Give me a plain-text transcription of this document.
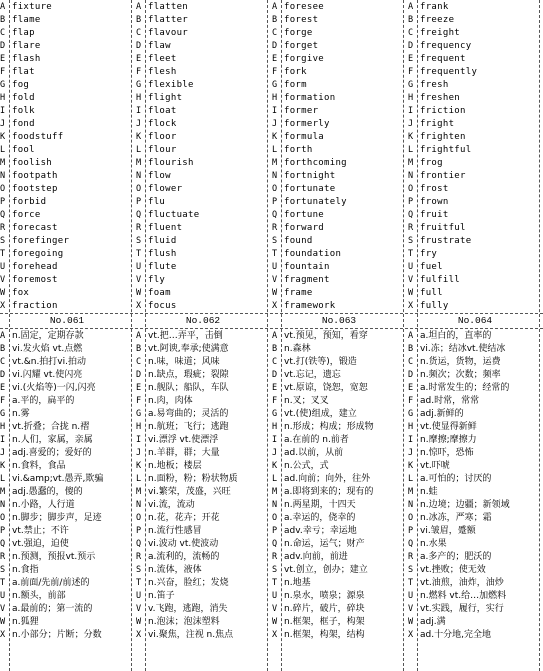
A fixture
B flame
C flap
D flare
E flash
F flat
G fog
H fold
I folk
J fond
K foodstuff
L fool
M foolish
N footpath
O footstep
P forbid
Q force
R forecast
S forefinger
T foregoing
U forehead
V foremost
W fox
X fraction
No.061
A n.固定，定期存款
B vi.发火焰 vt.点燃
C vt.&n.拍打vi.拍动
D vi.闪耀 vt.使闪亮
E vi.(火焰等)一闪,闪亮
F a.平的，扁平的
G n.雾
H vt.折叠；合拢 n.褶
I n.人们，家属，亲属
J adj.喜爱的；爱好的
K n.食料，食品
L vi.&amp;vt.愚弄,欺骗
M adj.愚蠢的，傻的
N n.小路，人行道
O n.脚步；脚步声，足迹
P vt.禁止；不许
Q vt.强迫，迫使
R n.预测，预报vt.预示
S n.食指
T a.前面/先前/前述的
U n.额头，前部
V a.最前的；第一流的
W n.狐狸
X n.小部分；片断；分数
A flatten
B flatter
C flavour
D flaw
E fleet
F flesh
G flexible
H flight
I float
J flock
K floor
L flour
M flourish
N flow
O flower
P flu
Q fluctuate
R fluent
S fluid
T flush
U flute
V fly
W foam
X focus
No.062
A vt.把…弄平，击倒
B vt.阿谀,奉承;使满意
C n.味，味道；风味
D n.缺点，瑕疵；裂隙
E n.舰队；船队，车队
F n.肉，肉体
G a.易弯曲的；灵活的
H n.航班；飞行；逃跑
I vi.漂浮 vt.使漂浮
J n.羊群，群；大量
K n.地板；楼层
L n.面粉，粉；粉状物质
M vi.繁荣，茂盛，兴旺
N vi.流，流动
O n.花，花卉；开花
P n.流行性感冒
Q vi.波动 vt.使波动
R a.流利的，流畅的
S n.流体，液体
T n.兴奋，脸红；发烧
U n.笛子
V v.飞跑，逃跑，消失
W n.泡沫；泡沫塑料
X vi.聚焦，注视 n.焦点
A foresee
B forest
C forge
D forget
E forgive
F fork
G form
H formation
I former
J formerly
K formula
L forth
M forthcoming
N fortnight
O fortunate
P fortunately
Q fortune
R forward
S found
T foundation
U fountain
V fragment
W frame
X framework
No.063
A vt.预见，预知，看穿
B n.森林
C vt.打(铁等)，锻造
D vt.忘记，遗忘
E vt.原谅，饶恕，宽恕
F n.叉；叉叉
G vt.(使)组成，建立
H n.形成；构成；形成物
I a.在前的 n.前者
J ad.以前，从前
K n.公式，式
L ad.向前；向外，往外
M a.即将到来的；现有的
N n.两星期，十四天
O a.幸运的，侥幸的
P adv.幸亏；幸运地
Q n.命运，运气；财产
R adv.向前，前进
S vt.创立，创办；建立
T n.地基
U n.泉水，喷泉；源泉
V n.碎片，破片，碎块
W n.框架，框子，构架
X n.框架，构架，结构
A frank
B freeze
C freight
D frequency
E frequent
F frequently
G fresh
H freshen
I friction
J fright
K frighten
L frightful
M frog
N frontier
O frost
P frown
Q fruit
R fruitful
S frustrate
T fry
U fuel
V fulfill
W full
X fully
No.064
A a.坦白的，直率的
B vi.冻；结冰vt.使结冰
C n.货运，货物，运费
D n.频次；次数；频率
E a.时常发生的；经常的
F ad.时常，常常
G adj.新鲜的
H vt.使显得新鲜
I n.摩擦;摩擦力
J n.惊吓，恐怖
K vt.吓唬
L a.可怕的；讨厌的
M n.蛙
N n.边境；边疆；新领域
O n.冰冻，严寒；霜
P vi.皱眉，蹙额
Q n.水果
R a.多产的；肥沃的
S vt.挫败；使无效
T vt.油煎，油炸，油炒
U n.燃料 vt.给…加燃料
V vt.实践，履行，实行
W adj.满
X ad.十分地,完全地
